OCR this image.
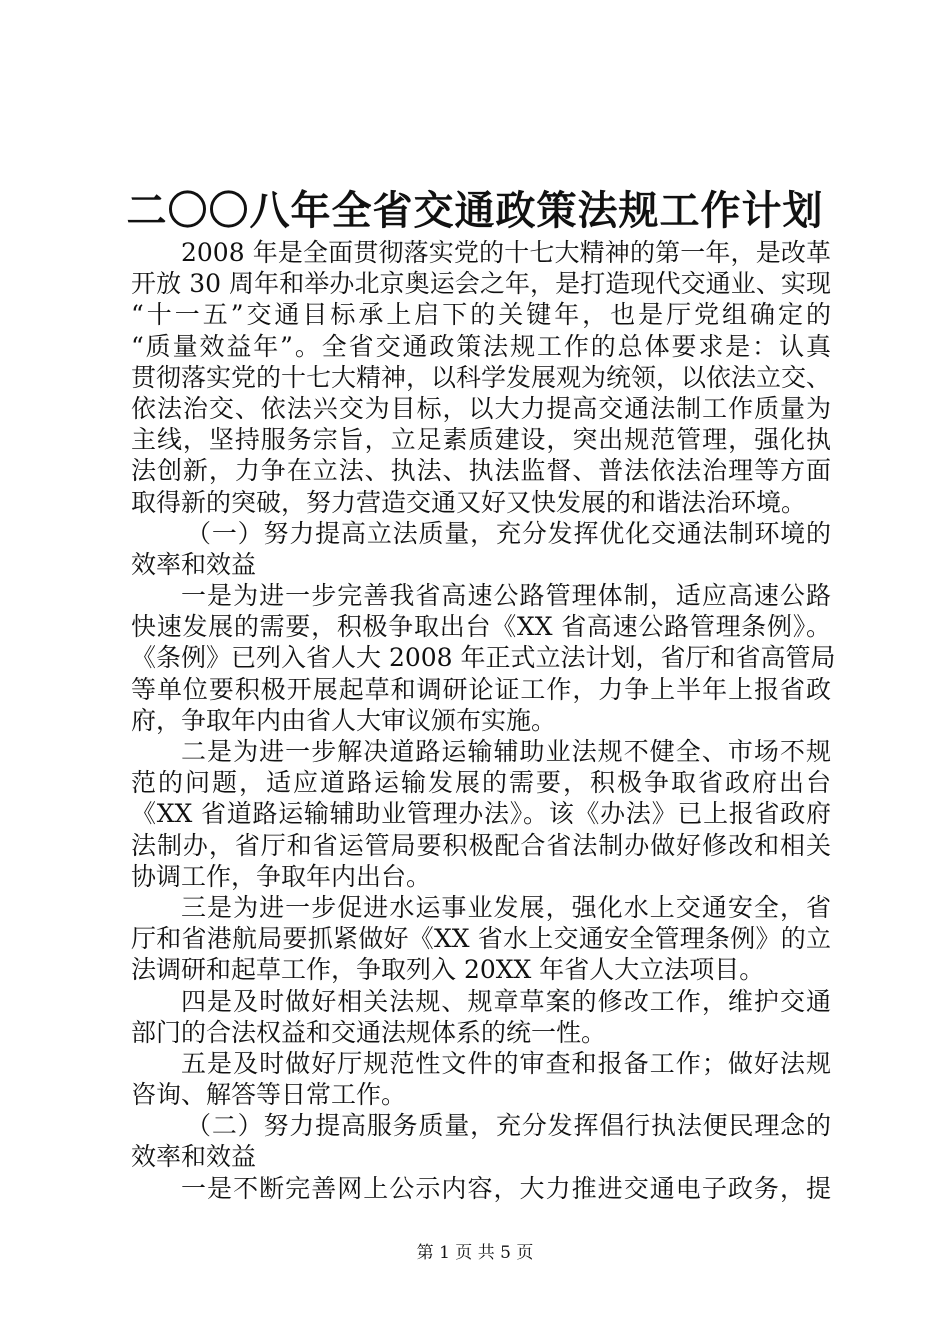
二〇〇八年全省交通政策法规工作计划
2008 年是全面贯彻落实党的十七大精神的第一年，是改革
开放 30 周年和举办北京奥运会之年，是打造现代交通业、实现
“十一五”交通目标承上启下的关键年，也是厅党组确定的
“质量效益年”。全省交通政策法规工作的总体要求是：认真
贯彻落实党的十七大精神，以科学发展观为统领，以依法立交、
依法治交、依法兴交为目标，以大力提高交通法制工作质量为
主线，坚持服务宗旨，立足素质建设，突出规范管理，强化执
法创新，力争在立法、执法、执法监督、普法依法治理等方面
取得新的突破，努力营造交通又好又快发展的和谐法治环境。
（一）努力提高立法质量，充分发挥优化交通法制环境的
效率和效益
一是为进一步完善我省高速公路管理体制，适应高速公路
快速发展的需要，积极争取出台《XX 省高速公路管理条例》。
《条例》已列入省人大 2008 年正式立法计划，省厅和省高管局
等单位要积极开展起草和调研论证工作，力争上半年上报省政
府，争取年内由省人大审议颁布实施。
二是为进一步解决道路运输辅助业法规不健全、市场不规
范的问题，适应道路运输发展的需要，积极争取省政府出台
《XX 省道路运输辅助业管理办法》。该《办法》已上报省政府
法制办，省厅和省运管局要积极配合省法制办做好修改和相关
协调工作，争取年内出台。
三是为进一步促进水运事业发展，强化水上交通安全，省
厅和省港航局要抓紧做好《XX 省水上交通安全管理条例》的立
法调研和起草工作，争取列入 20XX 年省人大立法项目。
四是及时做好相关法规、规章草案的修改工作，维护交通
部门的合法权益和交通法规体系的统一性。
五是及时做好厅规范性文件的审查和报备工作；做好法规
咨询、解答等日常工作。
（二）努力提高服务质量，充分发挥倡行执法便民理念的
效率和效益
一是不断完善网上公示内容，大力推进交通电子政务，提
第 1 页 共 5 页
